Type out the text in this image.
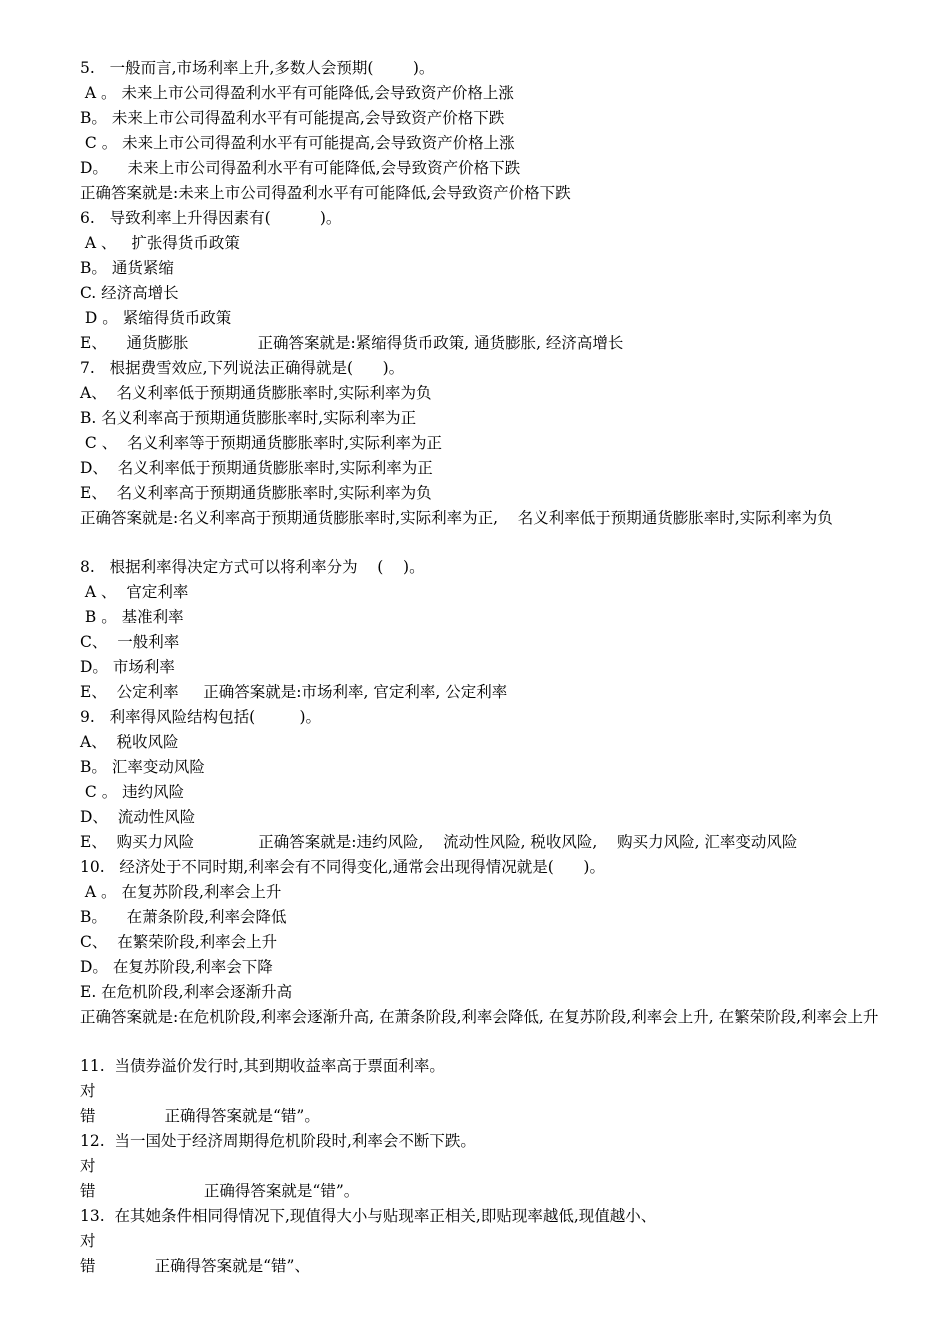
5.   一般而言,市场利率上升,多数人会预期(        )。
A 。 未来上市公司得盈利水平有可能降低,会导致资产价格上涨
B。 未来上市公司得盈利水平有可能提高,会导致资产价格下跌
C 。 未来上市公司得盈利水平有可能提高,会导致资产价格上涨
D。    未来上市公司得盈利水平有可能降低,会导致资产价格下跌
正确答案就是:未来上市公司得盈利水平有可能降低,会导致资产价格下跌
6.   导致利率上升得因素有(          )。
A 、   扩张得货币政策
B。 通货紧缩
C. 经济高增长
D 。 紧缩得货币政策
E、    通货膨胀              正确答案就是:紧缩得货币政策, 通货膨胀, 经济高增长
7.   根据费雪效应,下列说法正确得就是(      )。
A、  名义利率低于预期通货膨胀率时,实际利率为负
B. 名义利率高于预期通货膨胀率时,实际利率为正
C 、  名义利率等于预期通货膨胀率时,实际利率为正
D、  名义利率低于预期通货膨胀率时,实际利率为正
E、  名义利率高于预期通货膨胀率时,实际利率为负
正确答案就是:名义利率高于预期通货膨胀率时,实际利率为正,    名义利率低于预期通货膨胀率时,实际利率为负
8.   根据利率得决定方式可以将利率分为    (    )。
A 、  官定利率
B 。 基准利率
C、  一般利率
D。 市场利率
E、  公定利率     正确答案就是:市场利率, 官定利率, 公定利率
9.   利率得风险结构包括(         )。
A、  税收风险
B。 汇率变动风险
C 。 违约风险
D、  流动性风险
E、  购买力风险             正确答案就是:违约风险,    流动性风险, 税收风险,    购买力风险, 汇率变动风险
10.   经济处于不同时期,利率会有不同得变化,通常会出现得情况就是(      )。
A 。 在复苏阶段,利率会上升
B。    在萧条阶段,利率会降低
C、  在繁荣阶段,利率会上升
D。 在复苏阶段,利率会下降
E. 在危机阶段,利率会逐渐升高
正确答案就是:在危机阶段,利率会逐渐升高, 在萧条阶段,利率会降低, 在复苏阶段,利率会上升, 在繁荣阶段,利率会上升
11.  当债券溢价发行时,其到期收益率高于票面利率。
对
错              正确得答案就是“错”。
12.  当一国处于经济周期得危机阶段时,利率会不断下跌。
对
错                      正确得答案就是“错”。
13.  在其她条件相同得情况下,现值得大小与贴现率正相关,即贴现率越低,现值越小、
对
错            正确得答案就是“错”、
